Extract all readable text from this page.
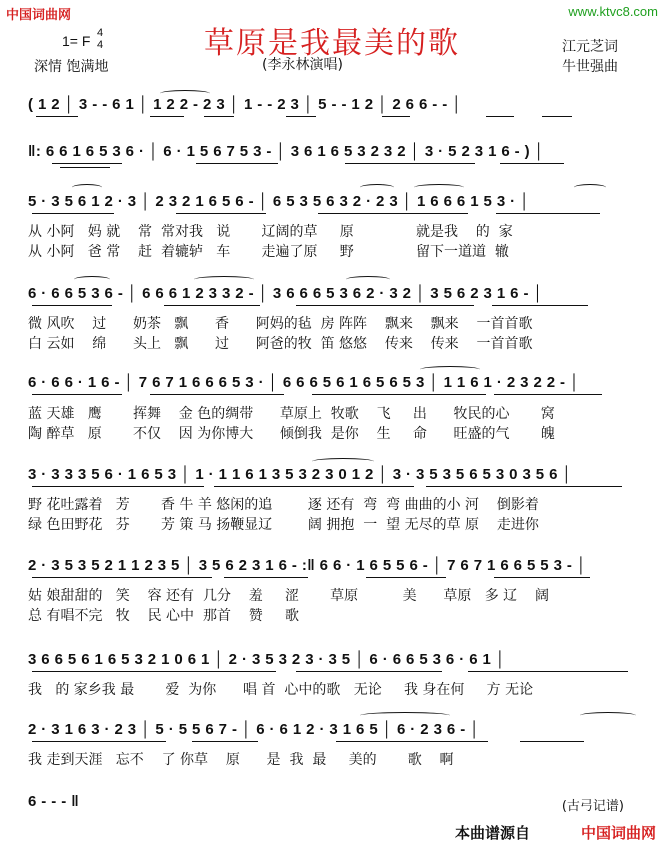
中国词曲网	www.ktvc8.com
草原是我最美的歌
1= F 4
4
深情 饱满地	(李永林演唱)
江元芝词
牛世强曲
( 1 2 │ 3 - - 6 1 │ 1 2 2 - 2 3 │ 1 - - 2 3 │ 5 - - 1 2 │ 2 6 6 - - │
‖: 6 6 1 6 5 3 6 · │ 6 · 1 5 6 7 5 3 - │ 3 6 1 6 5 3 2 3 2 │ 3 · 5 2 3 1 6 - ) │
5 · 3 5 6 1 2 · 3 │ 2 3 2 1 6 5 6 - │ 6 5 3 5 6 3 2 · 2 3 │ 1 6 6 6 1 5 3 · │
从 小阿   妈 就    常  常对我   说       辽阔的草     原              就是我    的  家
从 小阿   爸 常    赶  着辘轳   车       走遍了原     野              留下一道道  辙
6 · 6 6 5 3 6 - │ 6 6 6 1 2 3 3 2 - │ 3 6 6 6 5 3 6 2 · 3 2 │ 3 5 6 2 3 1 6 - │
微 风吹    过      奶茶   飘      香      阿妈的毡  房 阵阵    飘来    飘来    一首首歌
白 云如    绵      头上   飘      过      阿爸的牧  笛 悠悠    传来    传来    一首首歌
6 · 6 6 · 1 6 - │ 7 6 7 1 6 6 6 5 3 · │ 6 6 6 5 6 1 6 5 6 5 3 │ 1 1 6 1 · 2 3 2 2 - │
蓝 天雄   鹰       挥舞    金 色的绸带      草原上  牧歌    飞     出      牧民的心       窝
陶 醉草   原       不仅    因 为你博大      倾倒我  是你    生     命      旺盛的气       魄
3 · 3 3 3 5 6 · 1 6 5 3 │ 1 · 1 1 6 1 3 5 3 2 3 0 1 2 │ 3 · 3 5 3 5 6 5 3 0 3 5 6 │
野 花吐露着   芳       香 牛 羊 悠闲的追        逐 还有  弯  弯 曲曲的小 河    倒影着
绿 色田野花   芬       芳 策 马 扬鞭显辽        阔 拥抱  一  望 无尽的草 原    走进你
2 · 3 5 3 5 2 1 1 2 3 5 │ 3 5 6 2 3 1 6 - :‖ 6 6 · 1 6 5 5 6 - │ 7 6 7 1 6 6 5 5 3 - │
姑 娘甜甜的   笑    容 还有  几分    羞     涩       草原          美      草原   多 辽    阔
总 有唱不完   牧    民 心中  那首    赞     歌
3 6 6 5 6 1 6 5 3 2 1 0 6 1 │ 2 · 3 5 3 2 3 · 3 5 │ 6 · 6 6 5 3 6 · 6 1 │
我   的 家乡我 最       爱  为你      唱 首  心中的歌   无论     我 身在何     方 无论
2 · 3 1 6 3 · 2 3 │ 5 · 5 5 6 7 - │ 6 · 6 1 2 · 3 1 6 5 │ 6 · 2 3 6 - │
我 走到天涯   忘不    了 你草    原      是  我  最     美的       歌    啊
6 - - - ‖	(古弓记谱)
本曲谱源自	中国词曲网
